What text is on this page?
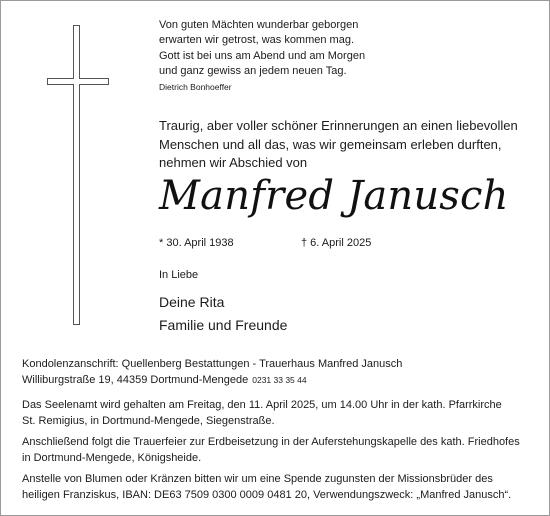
Von guten Mächten wunderbar geborgen
erwarten wir getrost, was kommen mag.
Gott ist bei uns am Abend und am Morgen
und ganz gewiss an jedem neuen Tag.
Dietrich Bonhoeffer
Traurig, aber voller schöner Erinnerungen an einen liebevollen
Menschen und all das, was wir gemeinsam erleben durften,
nehmen wir Abschied von
Manfred Janusch
* 30. April 1938	† 6. April 2025
In Liebe
Deine Rita
Familie und Freunde
Kondolenzanschrift: Quellenberg Bestattungen - Trauerhaus Manfred Janusch
Williburgstraße 19, 44359 Dortmund-Mengede 0231 33 35 44
Das Seelenamt wird gehalten am Freitag, den 11. April 2025, um 14.00 Uhr in der kath. Pfarrkirche
St. Remigius, in Dortmund-Mengede, Siegenstraße.
Anschließend folgt die Trauerfeier zur Erdbeisetzung in der Auferstehungskapelle des kath. Friedhofes
in Dortmund-Mengede, Königsheide.
Anstelle von Blumen oder Kränzen bitten wir um eine Spende zugunsten der Missionsbrüder des
heiligen Franziskus, IBAN: DE63 7509 0300 0009 0481 20, Verwendungszweck: „Manfred Janusch“.
